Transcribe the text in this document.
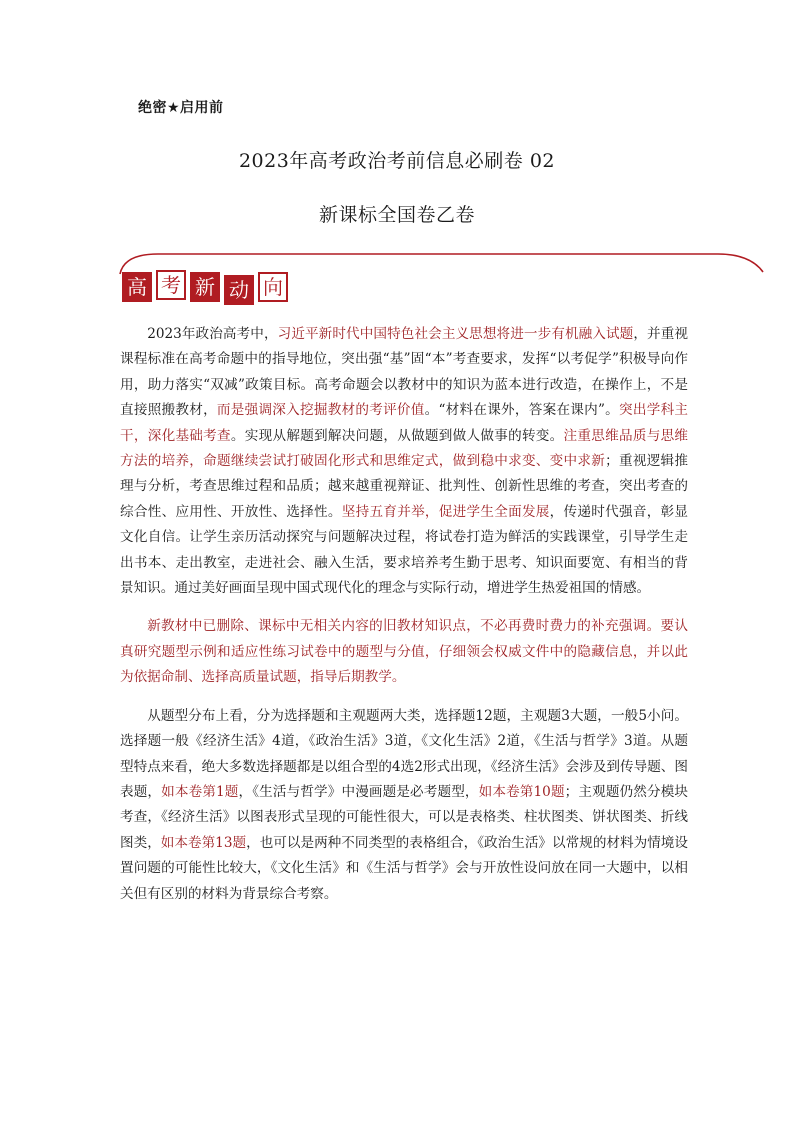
绝密★启用前
2023年高考政治考前信息必刷卷 02
新课标全国卷乙卷
高 考 新 动 向

2023年政治高考中，习近平新时代中国特色社会主义思想将进一步有机融入试题，并重视课程标准在高考命题中的指导地位，突出强“基”固“本”考查要求，发挥“以考促学”积极导向作用，助力落实“双减”政策目标。高考命题会以教材中的知识为蓝本进行改造，在操作上，不是直接照搬教材，而是强调深入挖掘教材的考评价值。“材料在课外，答案在课内”。突出学科主干，深化基础考查。实现从解题到解决问题，从做题到做人做事的转变。注重思维品质与思维方法的培养，命题继续尝试打破固化形式和思维定式，做到稳中求变、变中求新；重视逻辑推理与分析，考查思维过程和品质；越来越重视辩证、批判性、创新性思维的考查，突出考查的综合性、应用性、开放性、选择性。坚持五育并举，促进学生全面发展，传递时代强音，彰显文化自信。让学生亲历活动探究与问题解决过程，将试卷打造为鲜活的实践课堂，引导学生走出书本、走出教室，走进社会、融入生活，要求培养考生勤于思考、知识面要宽、有相当的背景知识。通过美好画面呈现中国式现代化的理念与实际行动，增进学生热爱祖国的情感。

新教材中已删除、课标中无相关内容的旧教材知识点，不必再费时费力的补充强调。要认真研究题型示例和适应性练习试卷中的题型与分值，仔细领会权威文件中的隐藏信息，并以此为依据命制、选择高质量试题，指导后期教学。

从题型分布上看，分为选择题和主观题两大类，选择题12题，主观题3大题，一般5小问。选择题一般《经济生活》4道，《政治生活》3道，《文化生活》2道，《生活与哲学》3道。从题型特点来看，绝大多数选择题都是以组合型的4选2形式出现，《经济生活》会涉及到传导题、图表题，如本卷第1题，《生活与哲学》中漫画题是必考题型，如本卷第10题；主观题仍然分模块考查，《经济生活》以图表形式呈现的可能性很大，可以是表格类、柱状图类、饼状图类、折线图类，如本卷第13题，也可以是两种不同类型的表格组合，《政治生活》以常规的材料为情境设置问题的可能性比较大，《文化生活》和《生活与哲学》会与开放性设问放在同一大题中，以相关但有区别的材料为背景综合考察。
